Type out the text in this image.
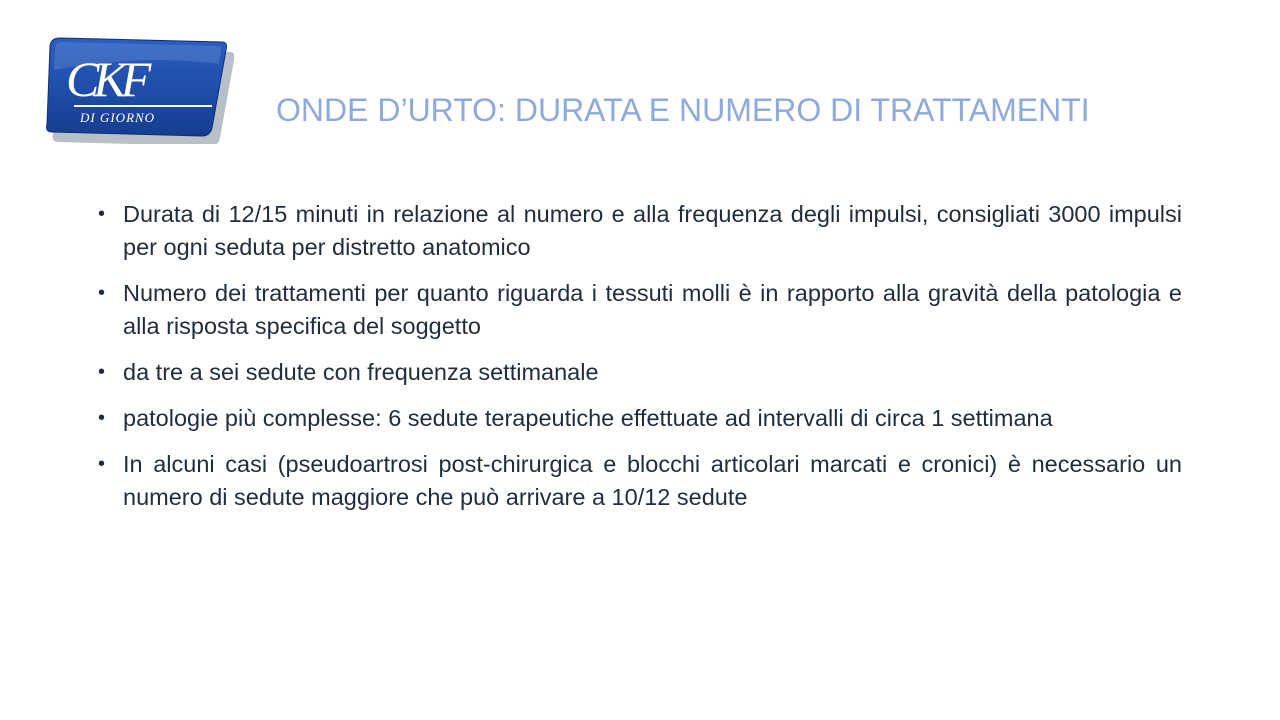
CKF
DI GIORNO	ONDE D’URTO: DURATA E NUMERO DI TRATTAMENTI
• Durata di 12/15 minuti in relazione al numero e alla frequenza degli impulsi, consigliati 3000 impulsi per ogni seduta per distretto anatomico
• Numero dei trattamenti per quanto riguarda i tessuti molli è in rapporto alla gravità della patologia e alla risposta specifica del soggetto
• da tre a sei sedute con frequenza settimanale
• patologie più complesse: 6 sedute terapeutiche effettuate ad intervalli di circa 1 settimana
• In alcuni casi (pseudoartrosi post-chirurgica e blocchi articolari marcati e cronici) è necessario un numero di sedute maggiore che può arrivare a 10/12 sedute
